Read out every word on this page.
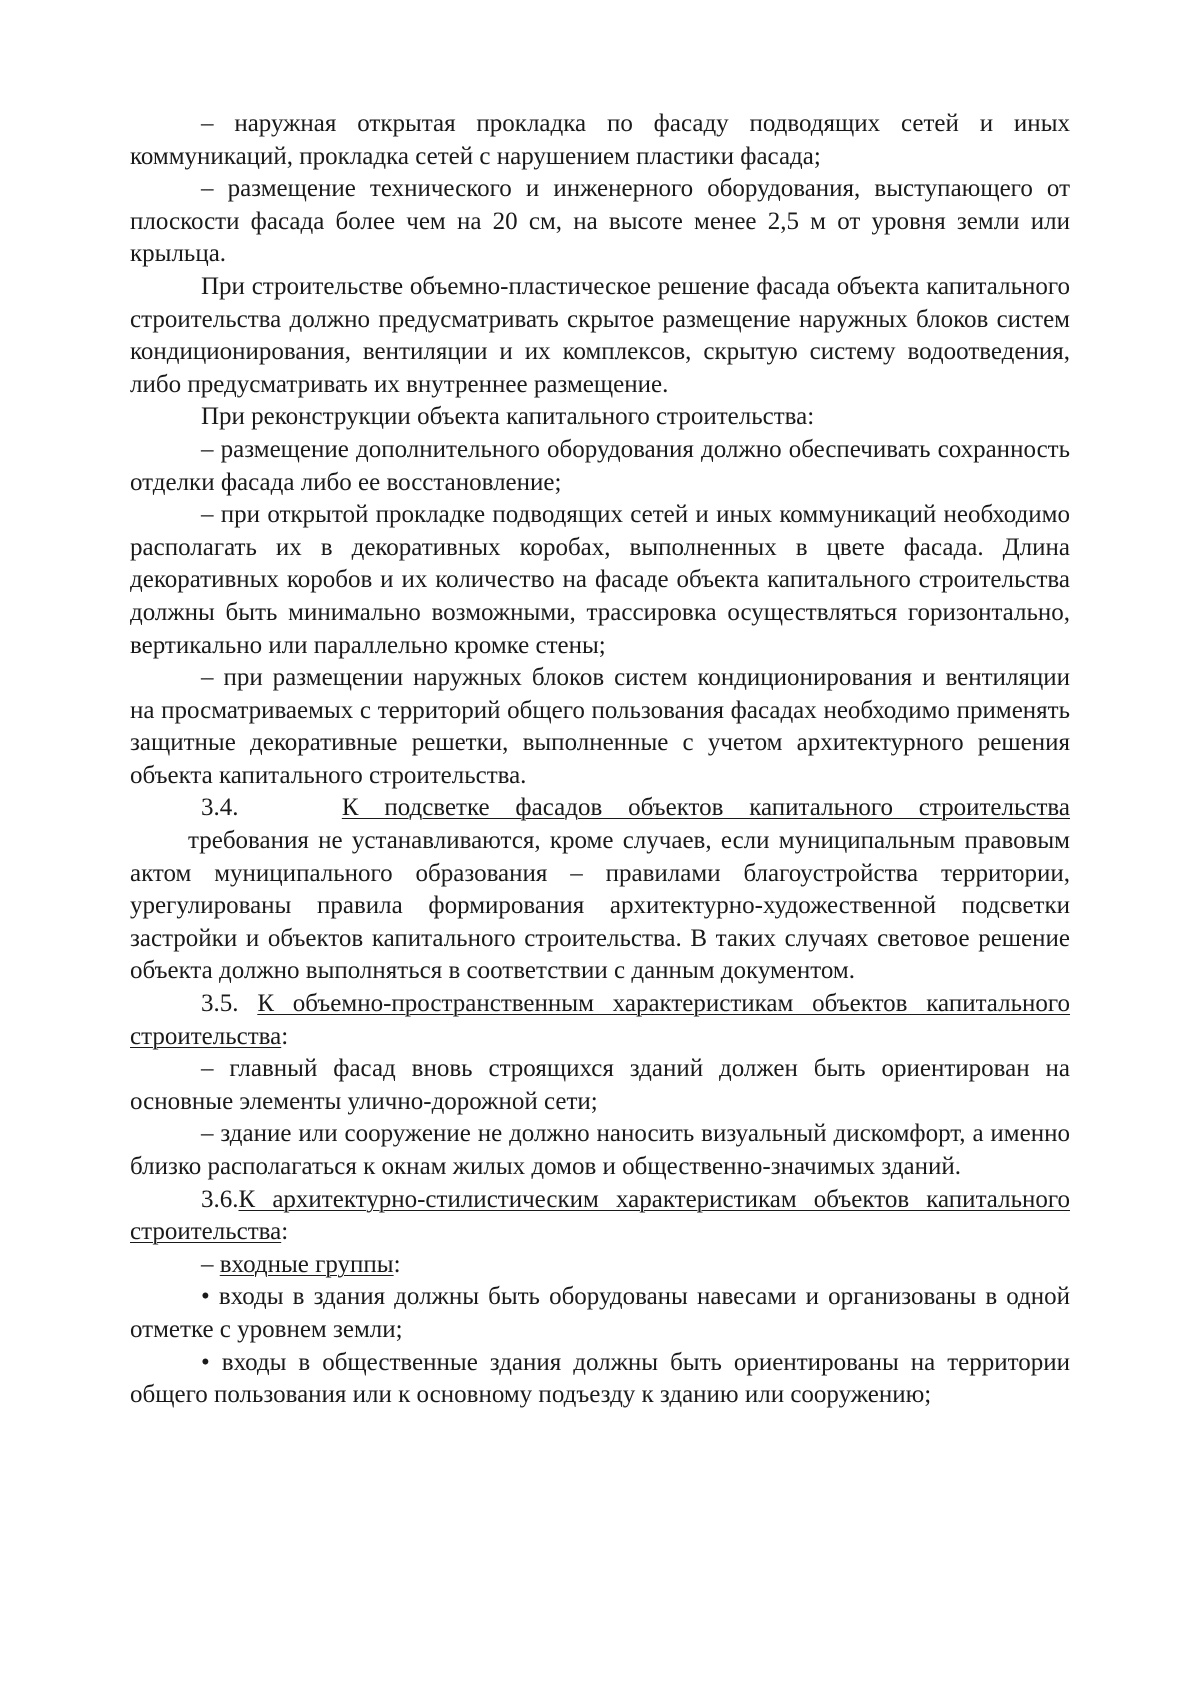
– наружная открытая прокладка по фасаду подводящих сетей и иных коммуникаций, прокладка сетей с нарушением пластики фасада;

– размещение технического и инженерного оборудования, выступающего от плоскости фасада более чем на 20 см, на высоте менее 2,5 м от уровня земли или крыльца.

При строительстве объемно-пластическое решение фасада объекта капитального строительства должно предусматривать скрытое размещение наружных блоков систем кондиционирования, вентиляции и их комплексов, скрытую систему водоотведения, либо предусматривать их внутреннее размещение.

При реконструкции объекта капитального строительства:

– размещение дополнительного оборудования должно обеспечивать сохранность отделки фасада либо ее восстановление;

– при открытой прокладке подводящих сетей и иных коммуникаций необходимо располагать их в декоративных коробах, выполненных в цвете фасада. Длина декоративных коробов и их количество на фасаде объекта капитального строительства должны быть минимально возможными, трассировка осуществляться горизонтально, вертикально или параллельно кромке стены;

– при размещении наружных блоков систем кондиционирования и вентиляции на просматриваемых с территорий общего пользования фасадах необходимо применять защитные декоративные решетки, выполненные с учетом архитектурного решения объекта капитального строительства.

3.4.	К подсветке фасадов объектов капитального строительства

требования не устанавливаются, кроме случаев, если муниципальным правовым актом муниципального образования – правилами благоустройства территории, урегулированы правила формирования архитектурно-художественной подсветки застройки и объектов капитального строительства. В таких случаях световое решение объекта должно выполняться в соответствии с данным документом.

3.5. К объемно-пространственным характеристикам объектов капитального строительства:

– главный фасад вновь строящихся зданий должен быть ориентирован на основные элементы улично-дорожной сети;

– здание или сооружение не должно наносить визуальный дискомфорт, а именно близко располагаться к окнам жилых домов и общественно-значимых зданий.

3.6.К архитектурно-стилистическим характеристикам объектов капитального строительства:

– входные группы:

• входы в здания должны быть оборудованы навесами и организованы в одной отметке с уровнем земли;

• входы в общественные здания должны быть ориентированы на территории общего пользования или к основному подъезду к зданию или сооружению;
